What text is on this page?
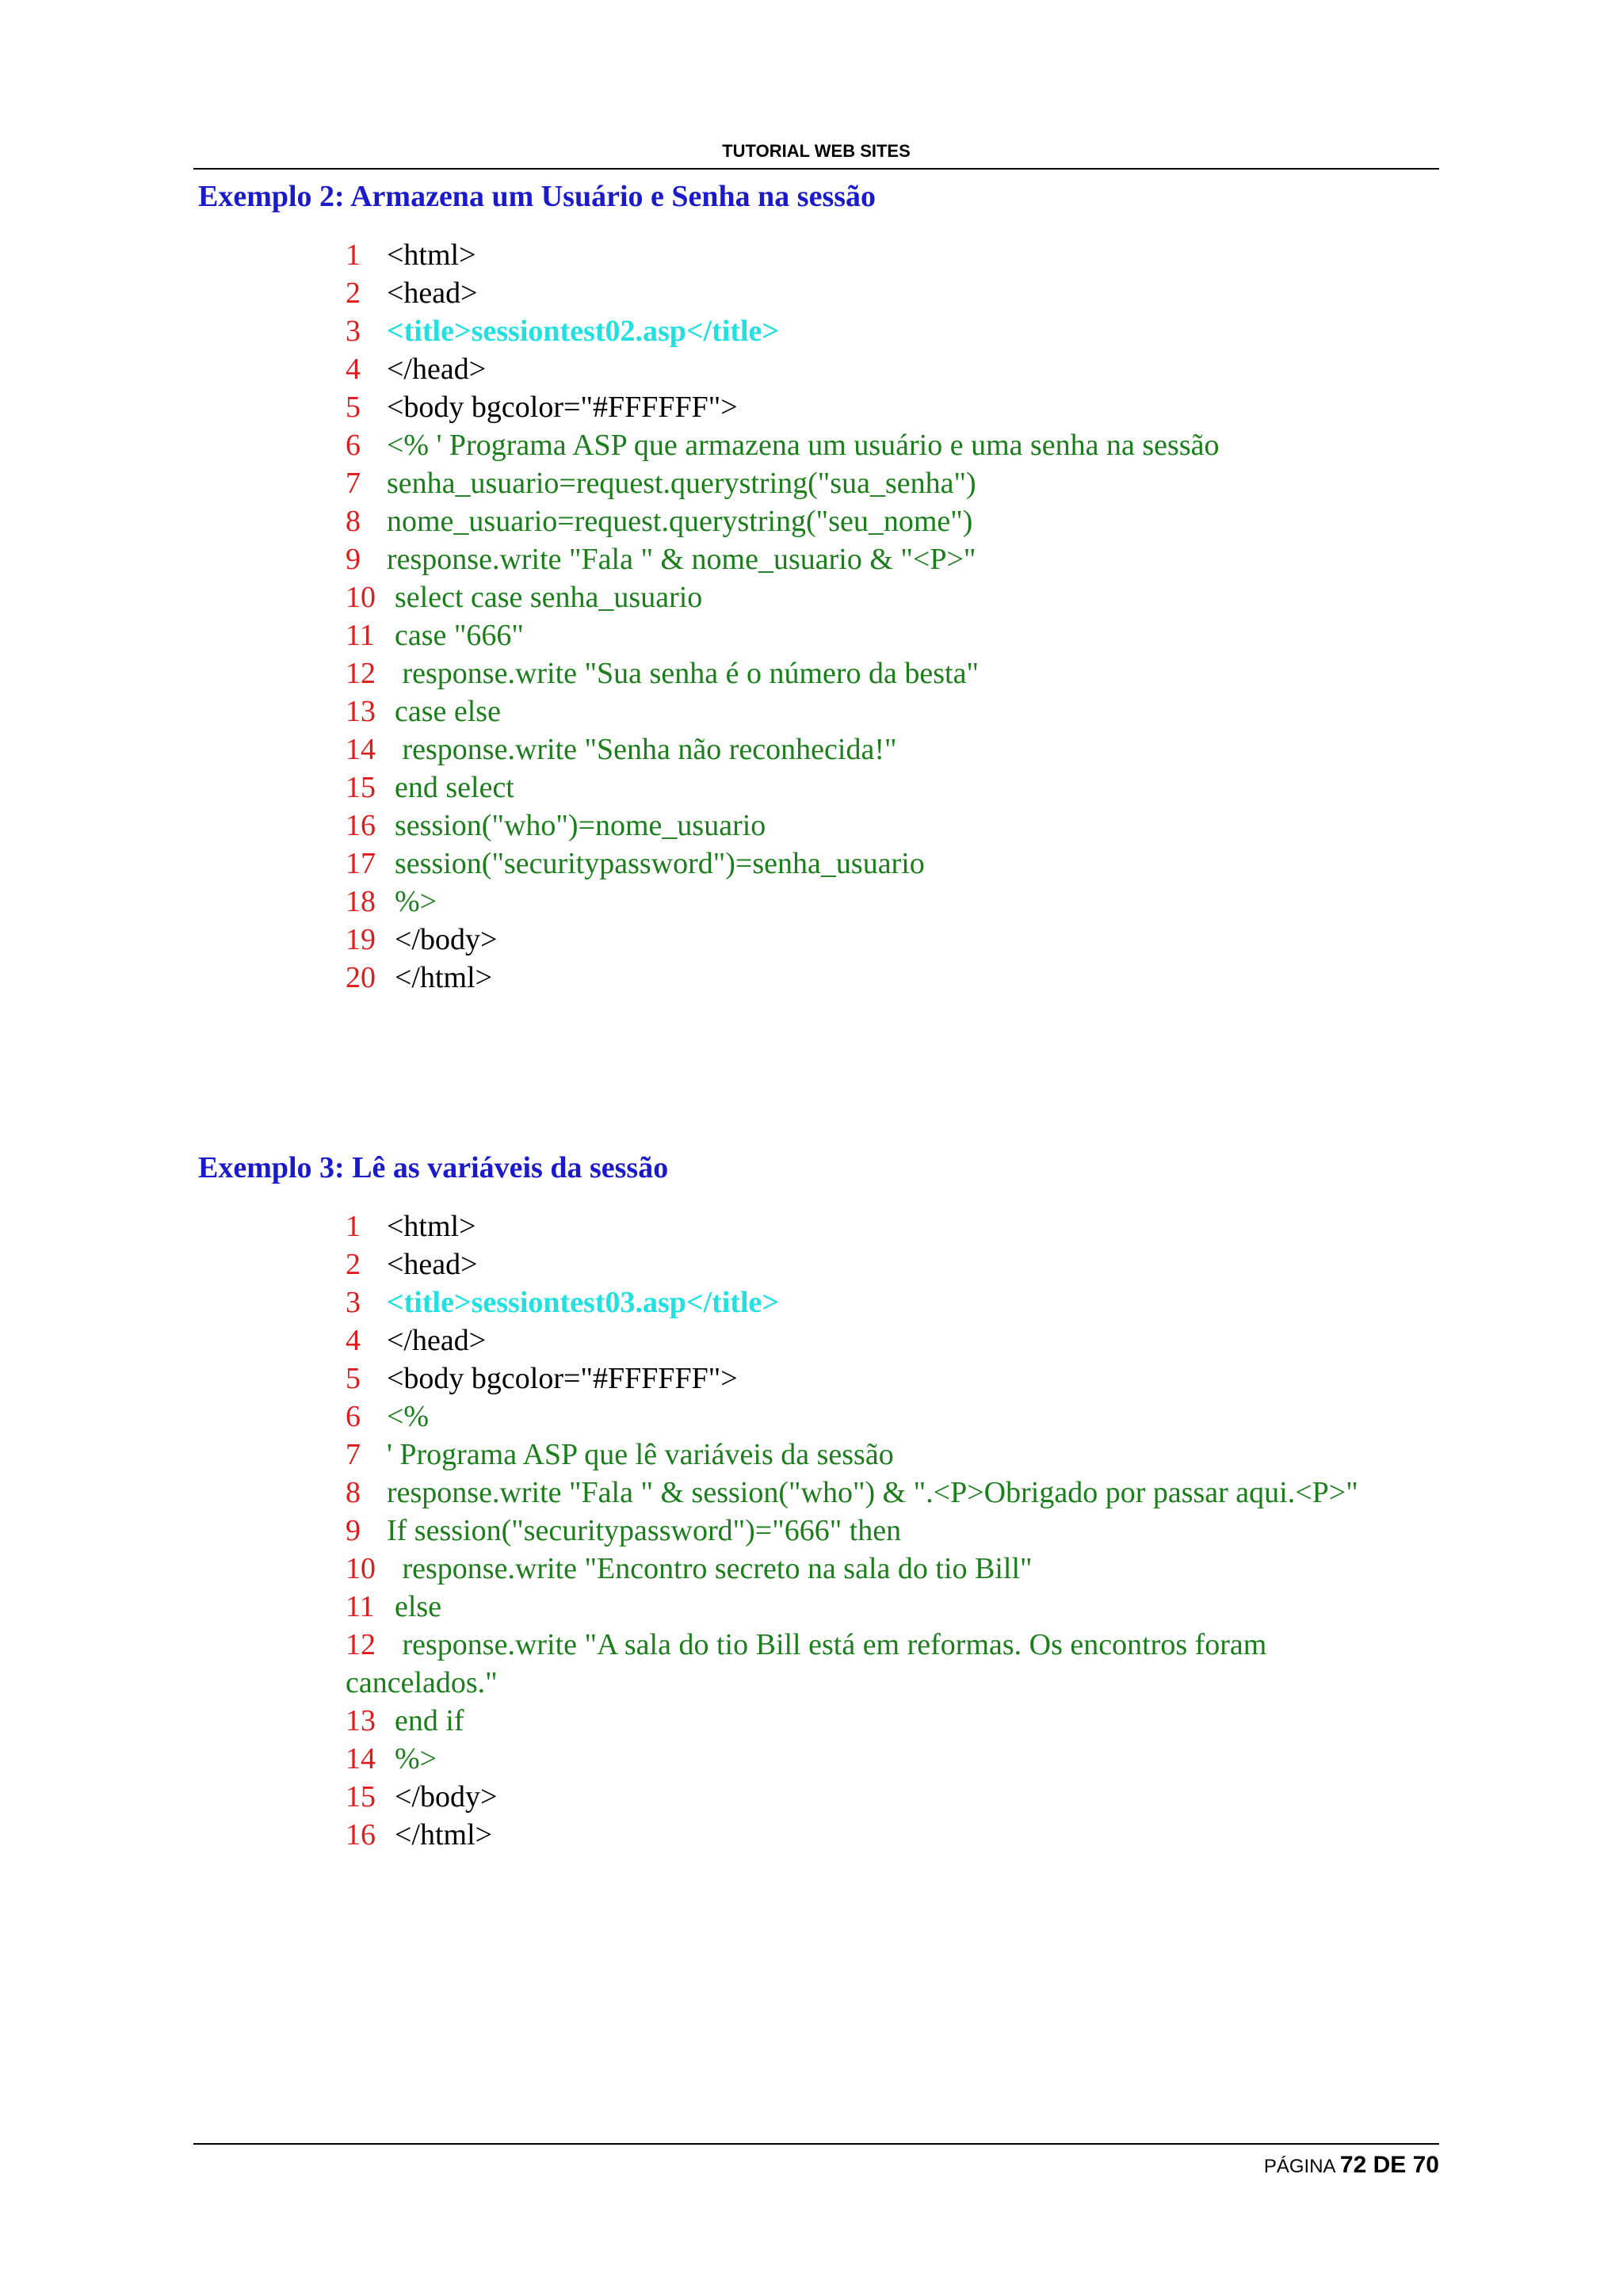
TUTORIAL WEB SITES
Exemplo 2: Armazena um Usuário e Senha na sessão
1 <html>
2 <head>
3 <title>sessiontest02.asp</title>
4 </head>
5 <body bgcolor="#FFFFFF">
6 <% ' Programa ASP que armazena um usuário e uma senha na sessão
7 senha_usuario=request.querystring("sua_senha")
8 nome_usuario=request.querystring("seu_nome")
9 response.write "Fala " & nome_usuario & "<P>"
10 select case senha_usuario
11 case "666"
12 response.write "Sua senha é o número da besta"
13 case else
14 response.write "Senha não reconhecida!"
15 end select
16 session("who")=nome_usuario
17 session("securitypassword")=senha_usuario
18 %>
19 </body>
20 </html>
Exemplo 3: Lê as variáveis da sessão
1 <html>
2 <head>
3 <title>sessiontest03.asp</title>
4 </head>
5 <body bgcolor="#FFFFFF">
6 <%
7 ' Programa ASP que lê variáveis da sessão
8 response.write "Fala " & session("who") & ".<P>Obrigado por passar aqui.<P>"
9 If session("securitypassword")="666" then
10 response.write "Encontro secreto na sala do tio Bill"
11 else
12 response.write "A sala do tio Bill está em reformas. Os encontros foram
cancelados."
13 end if
14 %>
15 </body>
16 </html>
PÁGINA 72 DE 70
